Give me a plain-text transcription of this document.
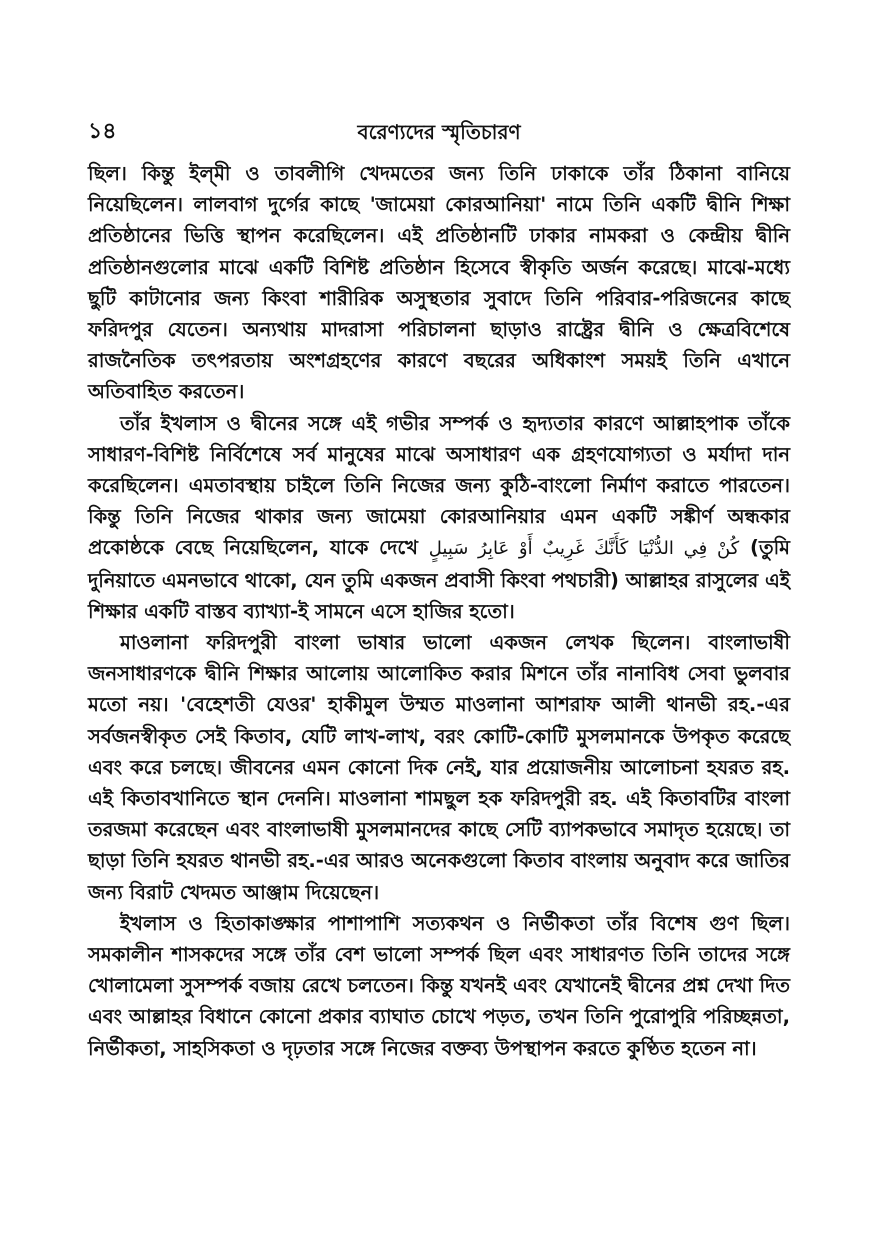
১৪	বরেণ্যদের স্মৃতিচারণ

ছিল। কিন্তু ইল্‌মী ও তাবলীগি খেদমতের জন্য তিনি ঢাকাকে তাঁর ঠিকানা বানিয়ে নিয়েছিলেন। লালবাগ দুর্গের কাছে 'জামেয়া কোরআনিয়া' নামে তিনি একটি দ্বীনি শিক্ষা প্রতিষ্ঠানের ভিত্তি স্থাপন করেছিলেন। এই প্রতিষ্ঠানটি ঢাকার নামকরা ও কেন্দ্রীয় দ্বীনি প্রতিষ্ঠানগুলোর মাঝে একটি বিশিষ্ট প্রতিষ্ঠান হিসেবে স্বীকৃতি অর্জন করেছে। মাঝে-মধ্যে ছুটি কাটানোর জন্য কিংবা শারীরিক অসুস্থতার সুবাদে তিনি পরিবার-পরিজনের কাছে ফরিদপুর যেতেন। অন্যথায় মাদরাসা পরিচালনা ছাড়াও রাষ্ট্রের দ্বীনি ও ক্ষেত্রবিশেষে রাজনৈতিক তৎপরতায় অংশগ্রহণের কারণে বছরের অধিকাংশ সময়ই তিনি এখানে অতিবাহিত করতেন।

তাঁর ইখলাস ও দ্বীনের সঙ্গে এই গভীর সম্পর্ক ও হৃদ্যতার কারণে আল্লাহপাক তাঁকে সাধারণ-বিশিষ্ট নির্বিশেষে সর্ব মানুষের মাঝে অসাধারণ এক গ্রহণযোগ্যতা ও মর্যাদা দান করেছিলেন। এমতাবস্থায় চাইলে তিনি নিজের জন্য কুঠি-বাংলো নির্মাণ করাতে পারতেন। কিন্তু তিনি নিজের থাকার জন্য জামেয়া কোরআনিয়ার এমন একটি সঙ্কীর্ণ অন্ধকার প্রকোষ্ঠকে বেছে নিয়েছিলেন, যাকে দেখে كُنْ فِي الدُّنْيَا كَأَنَّكَ غَرِيبٌ أَوْ عَابِرُ سَبِيلٍ (তুমি দুনিয়াতে এমনভাবে থাকো, যেন তুমি একজন প্রবাসী কিংবা পথচারী) আল্লাহর রাসুলের এই শিক্ষার একটি বাস্তব ব্যাখ্যা-ই সামনে এসে হাজির হতো।

মাওলানা ফরিদপুরী বাংলা ভাষার ভালো একজন লেখক ছিলেন। বাংলাভাষী জনসাধারণকে দ্বীনি শিক্ষার আলোয় আলোকিত করার মিশনে তাঁর নানাবিধ সেবা ভুলবার মতো নয়। 'বেহেশতী যেওর' হাকীমুল উম্মত মাওলানা আশরাফ আলী থানভী রহ.-এর সর্বজনস্বীকৃত সেই কিতাব, যেটি লাখ-লাখ, বরং কোটি-কোটি মুসলমানকে উপকৃত করেছে এবং করে চলছে। জীবনের এমন কোনো দিক নেই, যার প্রয়োজনীয় আলোচনা হযরত রহ. এই কিতাবখানিতে স্থান দেননি। মাওলানা শামছুল হক ফরিদপুরী রহ. এই কিতাবটির বাংলা তরজমা করেছেন এবং বাংলাভাষী মুসলমানদের কাছে সেটি ব্যাপকভাবে সমাদৃত হয়েছে। তা ছাড়া তিনি হযরত থানভী রহ.-এর আরও অনেকগুলো কিতাব বাংলায় অনুবাদ করে জাতির জন্য বিরাট খেদমত আঞ্জাম দিয়েছেন।

ইখলাস ও হিতাকাঙ্ক্ষার পাশাপাশি সত্যকথন ও নির্ভীকতা তাঁর বিশেষ গুণ ছিল। সমকালীন শাসকদের সঙ্গে তাঁর বেশ ভালো সম্পর্ক ছিল এবং সাধারণত তিনি তাদের সঙ্গে খোলামেলা সুসম্পর্ক বজায় রেখে চলতেন। কিন্তু যখনই এবং যেখানেই দ্বীনের প্রশ্ন দেখা দিত এবং আল্লাহর বিধানে কোনো প্রকার ব্যাঘাত চোখে পড়ত, তখন তিনি পুরোপুরি পরিচ্ছন্নতা, নির্ভীকতা, সাহসিকতা ও দৃঢ়তার সঙ্গে নিজের বক্তব্য উপস্থাপন করতে কুণ্ঠিত হতেন না।
